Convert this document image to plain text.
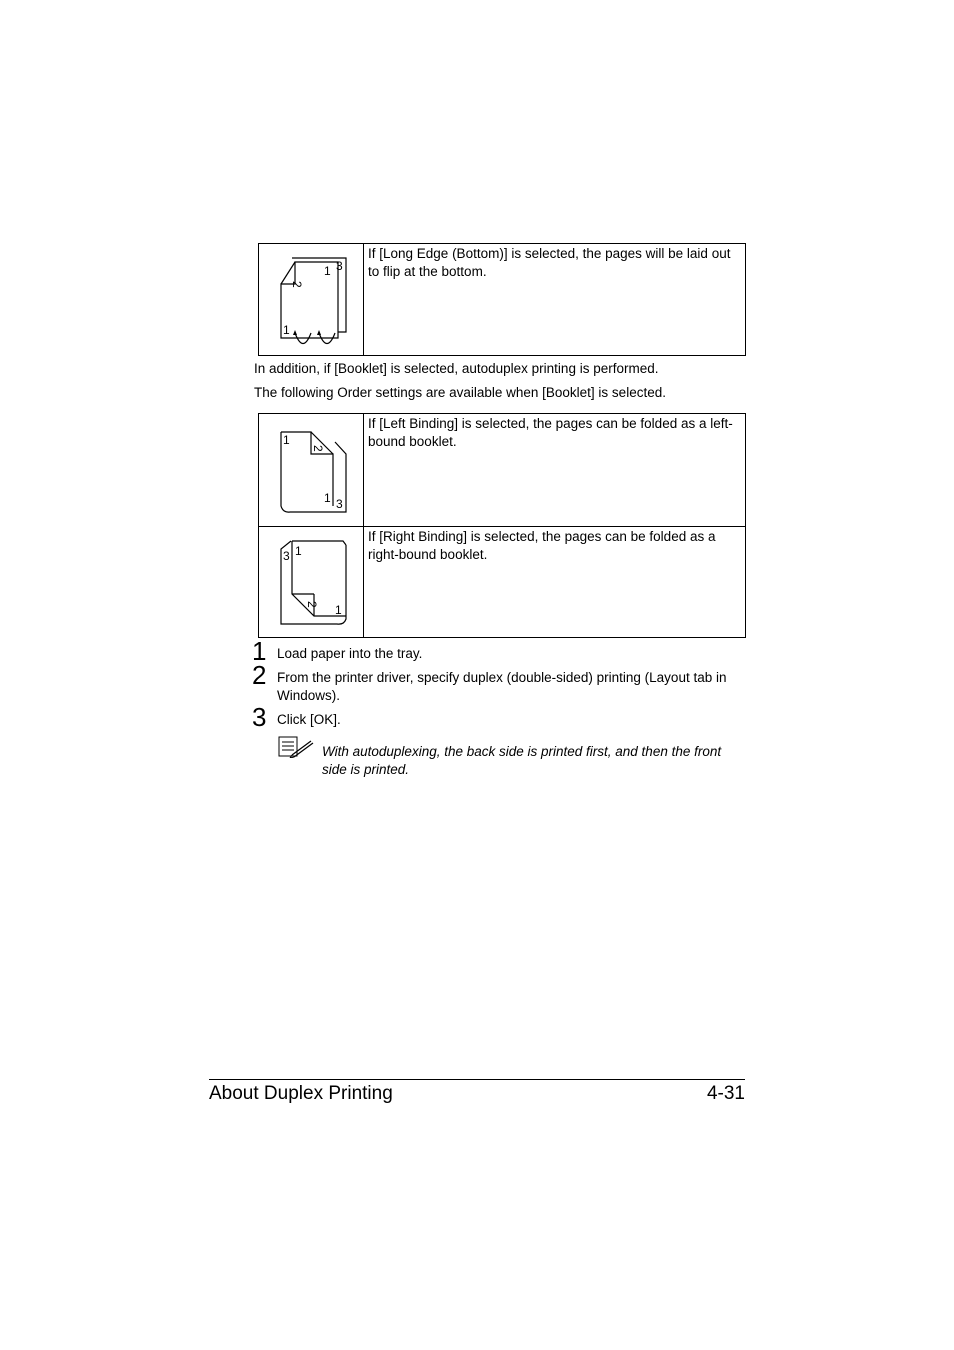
1
2
3
1
If [Long Edge (Bottom)] is selected, the pages will be laid out to flip at the bottom.
In addition, if [Booklet] is selected, autoduplex printing is performed.
The following Order settings are available when [Booklet] is selected.
1
2
1 3
If [Left Binding] is selected, the pages can be folded as a left-bound booklet.
3 1
2 1
If [Right Binding] is selected, the pages can be folded as a right-bound booklet.
1 Load paper into the tray.
2 From the printer driver, specify duplex (double-sided) printing (Layout tab in Windows).
3 Click [OK].
With autoduplexing, the back side is printed first, and then the front side is printed.
About Duplex Printing	4-31
